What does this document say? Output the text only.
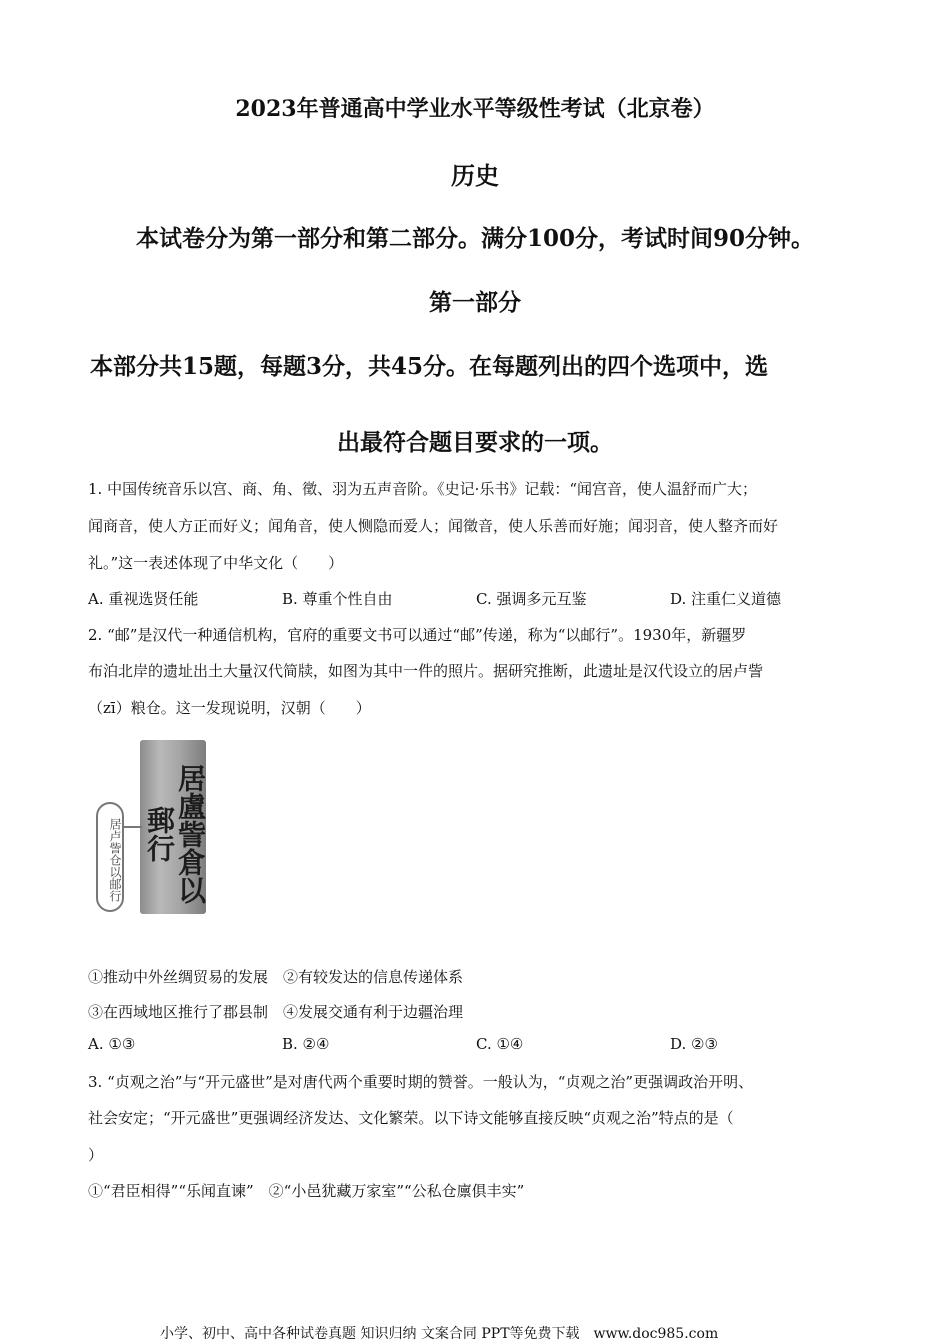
2023年普通高中学业水平等级性考试（北京卷）
历史
本试卷分为第一部分和第二部分。满分100分，考试时间90分钟。
第一部分
本部分共15题，每题3分，共45分。在每题列出的四个选项中，选
出最符合题目要求的一项。
1. 中国传统音乐以宫、商、角、徵、羽为五声音阶。《史记·乐书》记载：“闻宫音，使人温舒而广大；
闻商音，使人方正而好义；闻角音，使人恻隐而爱人；闻徵音，使人乐善而好施；闻羽音，使人整齐而好
礼。”这一表述体现了中华文化（　　）
A. 重视选贤任能	B. 尊重个性自由	C. 强调多元互鉴	D. 注重仁义道德
2. “邮”是汉代一种通信机构，官府的重要文书可以通过“邮”传递，称为“以邮行”。1930年，新疆罗
布泊北岸的遗址出土大量汉代简牍，如图为其中一件的照片。据研究推断，此遗址是汉代设立的居卢訾
（zī）粮仓。这一发现说明，汉朝（　　）
居盧訾倉以郵行
居卢訾仓以邮行
①推动中外丝绸贸易的发展　②有较发达的信息传递体系
③在西域地区推行了郡县制　④发展交通有利于边疆治理
A. ①③	B. ②④	C. ①④	D. ②③
3. “贞观之治”与“开元盛世”是对唐代两个重要时期的赞誉。一般认为，“贞观之治”更强调政治开明、
社会安定；“开元盛世”更强调经济发达、文化繁荣。以下诗文能够直接反映“贞观之治”特点的是（
）
①“君臣相得”“乐闻直谏”　②“小邑犹藏万家室”“公私仓廪俱丰实”
小学、初中、高中各种试卷真题 知识归纳 文案合同 PPT等免费下载　www.doc985.com
